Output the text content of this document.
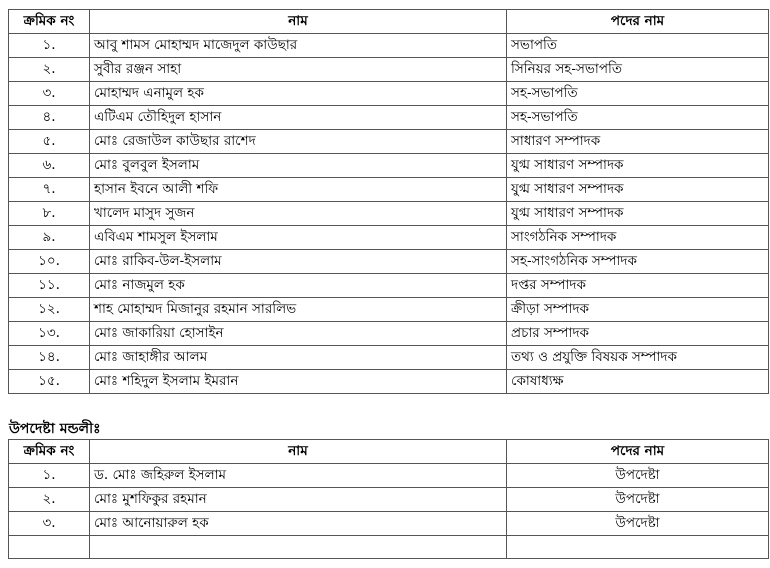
ক্রমিক নং	নাম	পদের নাম
১.	আবু শামস মোহাম্মদ মাজেদুল কাউছার	সভাপতি
২.	সুবীর রঞ্জন সাহা	সিনিয়র সহ-সভাপতি
৩.	মোহাম্মদ এনামুল হক	সহ-সভাপতি
৪.	এটিএম তৌহিদুল হাসান	সহ-সভাপতি
৫.	মোঃ রেজাউল কাউছার রাশেদ	সাধারণ সম্পাদক
৬.	মোঃ বুলবুল ইসলাম	যুগ্ম সাধারণ সম্পাদক
৭.	হাসান ইবনে আলী শফি	যুগ্ম সাধারণ সম্পাদক
৮.	খালেদ মাসুদ সুজন	যুগ্ম সাধারণ সম্পাদক
৯.	এবিএম শামসুল ইসলাম	সাংগঠনিক সম্পাদক
১০.	মোঃ রাকিব-উল-ইসলাম	সহ-সাংগঠনিক সম্পাদক
১১.	মোঃ নাজমুল হক	দপ্তর সম্পাদক
১২.	শাহ মোহাম্মদ মিজানুর রহমান সারলিভ	ক্রীড়া সম্পাদক
১৩.	মোঃ জাকারিয়া হোসাইন	প্রচার সম্পাদক
১৪.	মোঃ জাহাঙ্গীর আলম	তথ্য ও প্রযুক্তি বিষয়ক সম্পাদক
১৫.	মোঃ শহিদুল ইসলাম ইমরান	কোষাধ্যক্ষ
উপদেষ্টা মন্ডলীঃ
ক্রমিক নং	নাম	পদের নাম
১.	ড. মোঃ জহিরুল ইসলাম	উপদেষ্টা
২.	মোঃ মুশফিকুর রহমান	উপদেষ্টা
৩.	মোঃ আনোয়ারুল হক	উপদেষ্টা
